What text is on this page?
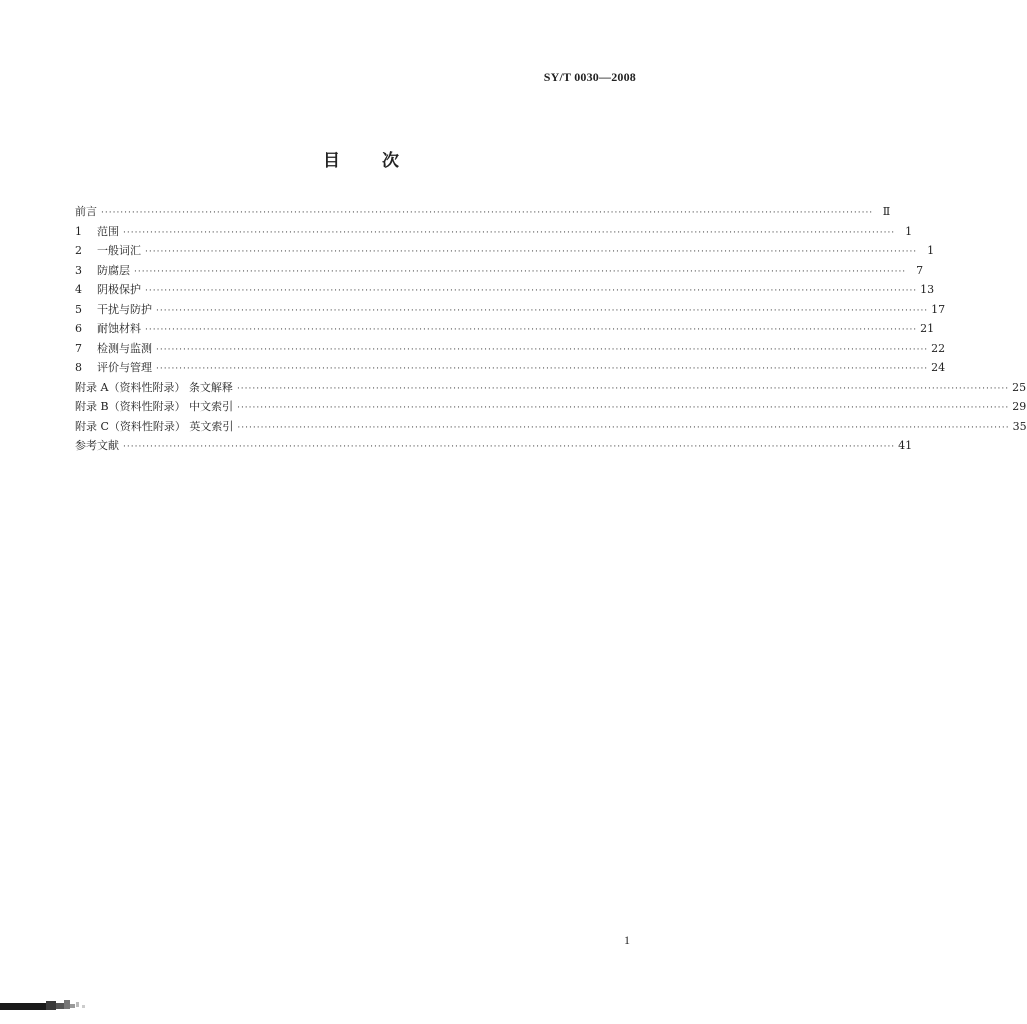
SY/T 0030—2008
目 次
前言 ········································································································································································································ Ⅱ
1	范围 ········································································································································································································ 1
2	一般词汇 ········································································································································································································ 1
3	防腐层 ········································································································································································································ 7
4	阴极保护 ········································································································································································································ 13
5	干扰与防护 ········································································································································································································ 17
6	耐蚀材料 ········································································································································································································ 21
7	检测与监测 ········································································································································································································ 22
8	评价与管理 ········································································································································································································ 24
附录 A（资料性附录） 条文解释 ········································································································································································································ 25
附录 B（资料性附录） 中文索引 ········································································································································································································ 29
附录 C（资料性附录） 英文索引 ········································································································································································································ 35
参考文献 ········································································································································································································ 41
1
